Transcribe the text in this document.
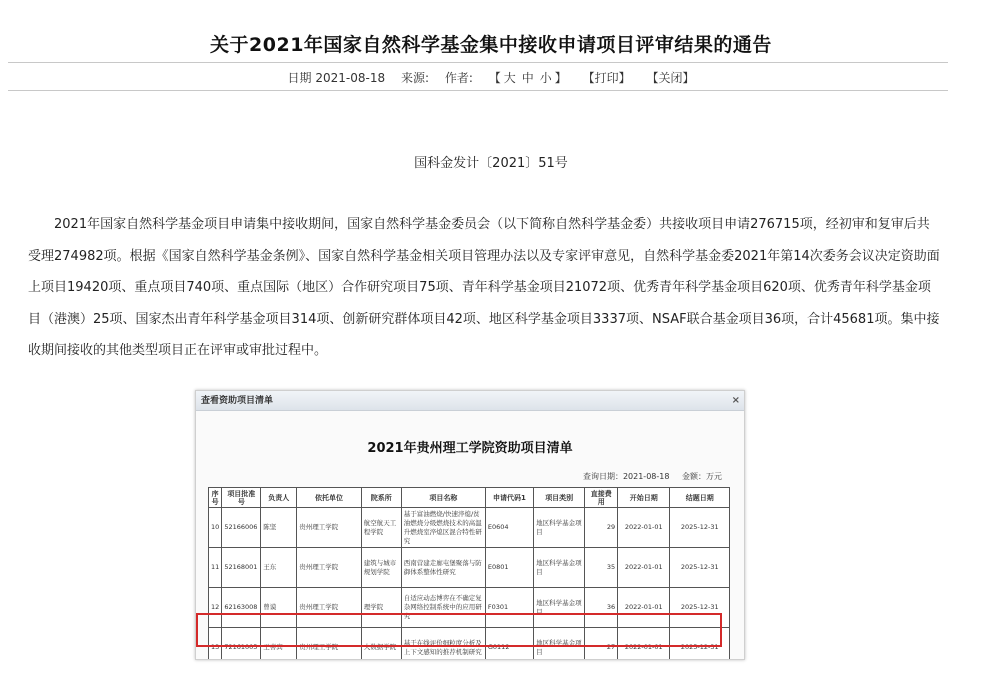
关于2021年国家自然科学基金集中接收申请项目评审结果的通告
日期 2021-08-18 来源: 作者: 【 大 中 小 】 【打印】 【关闭】
国科金发计〔2021〕51号
2021年国家自然科学基金项目申请集中接收期间，国家自然科学基金委员会（以下简称自然科学基金委）共接收项目申请276715项，经初审和复审后共受理274982项。根据《国家自然科学基金条例》、国家自然科学基金相关项目管理办法以及专家评审意见，自然科学基金委2021年第14次委务会议决定资助面上项目19420项、重点项目740项、重点国际（地区）合作研究项目75项、青年科学基金项目21072项、优秀青年科学基金项目620项、优秀青年科学基金项目（港澳）25项、国家杰出青年科学基金项目314项、创新研究群体项目42项、地区科学基金项目3337项、NSAF联合基金项目36项，合计45681项。集中接收期间接收的其他类型项目正在评审或审批过程中。
查看资助项目清单	×
2021年贵州理工学院资助项目清单
查询日期：2021-08-18 金额：万元
序号	项目批准号	负责人	依托单位	院系所	项目名称	申请代码1	项目类别	直接费用	开始日期	结题日期
10	52166006	陈坚	贵州理工学院	航空航天工程学院	基于富油燃烧/快速淬熄/贫油燃烧分级燃烧技术的高温升燃烧室淬熄区混合特性研究	E0604	地区科学基金项目	29	2022-01-01	2025-12-31
11	52168001	王东	贵州理工学院	建筑与城市规划学院	西南营建走廊屯堡聚落与防御体系整体性研究	E0801	地区科学基金项目	35	2022-01-01	2025-12-31
12	62163008	曾谟	贵州理工学院	理学院	自适应动态博弈在不确定复杂网络控制系统中的应用研究	F0301	地区科学基金项目	36	2022-01-01	2025-12-31
13	72161005	王喜宾	贵州理工学院	大数据学院	基于在线评价细粒度分析及上下文感知的推荐机制研究	G0112	地区科学基金项目	27	2022-01-01	2025-12-31
